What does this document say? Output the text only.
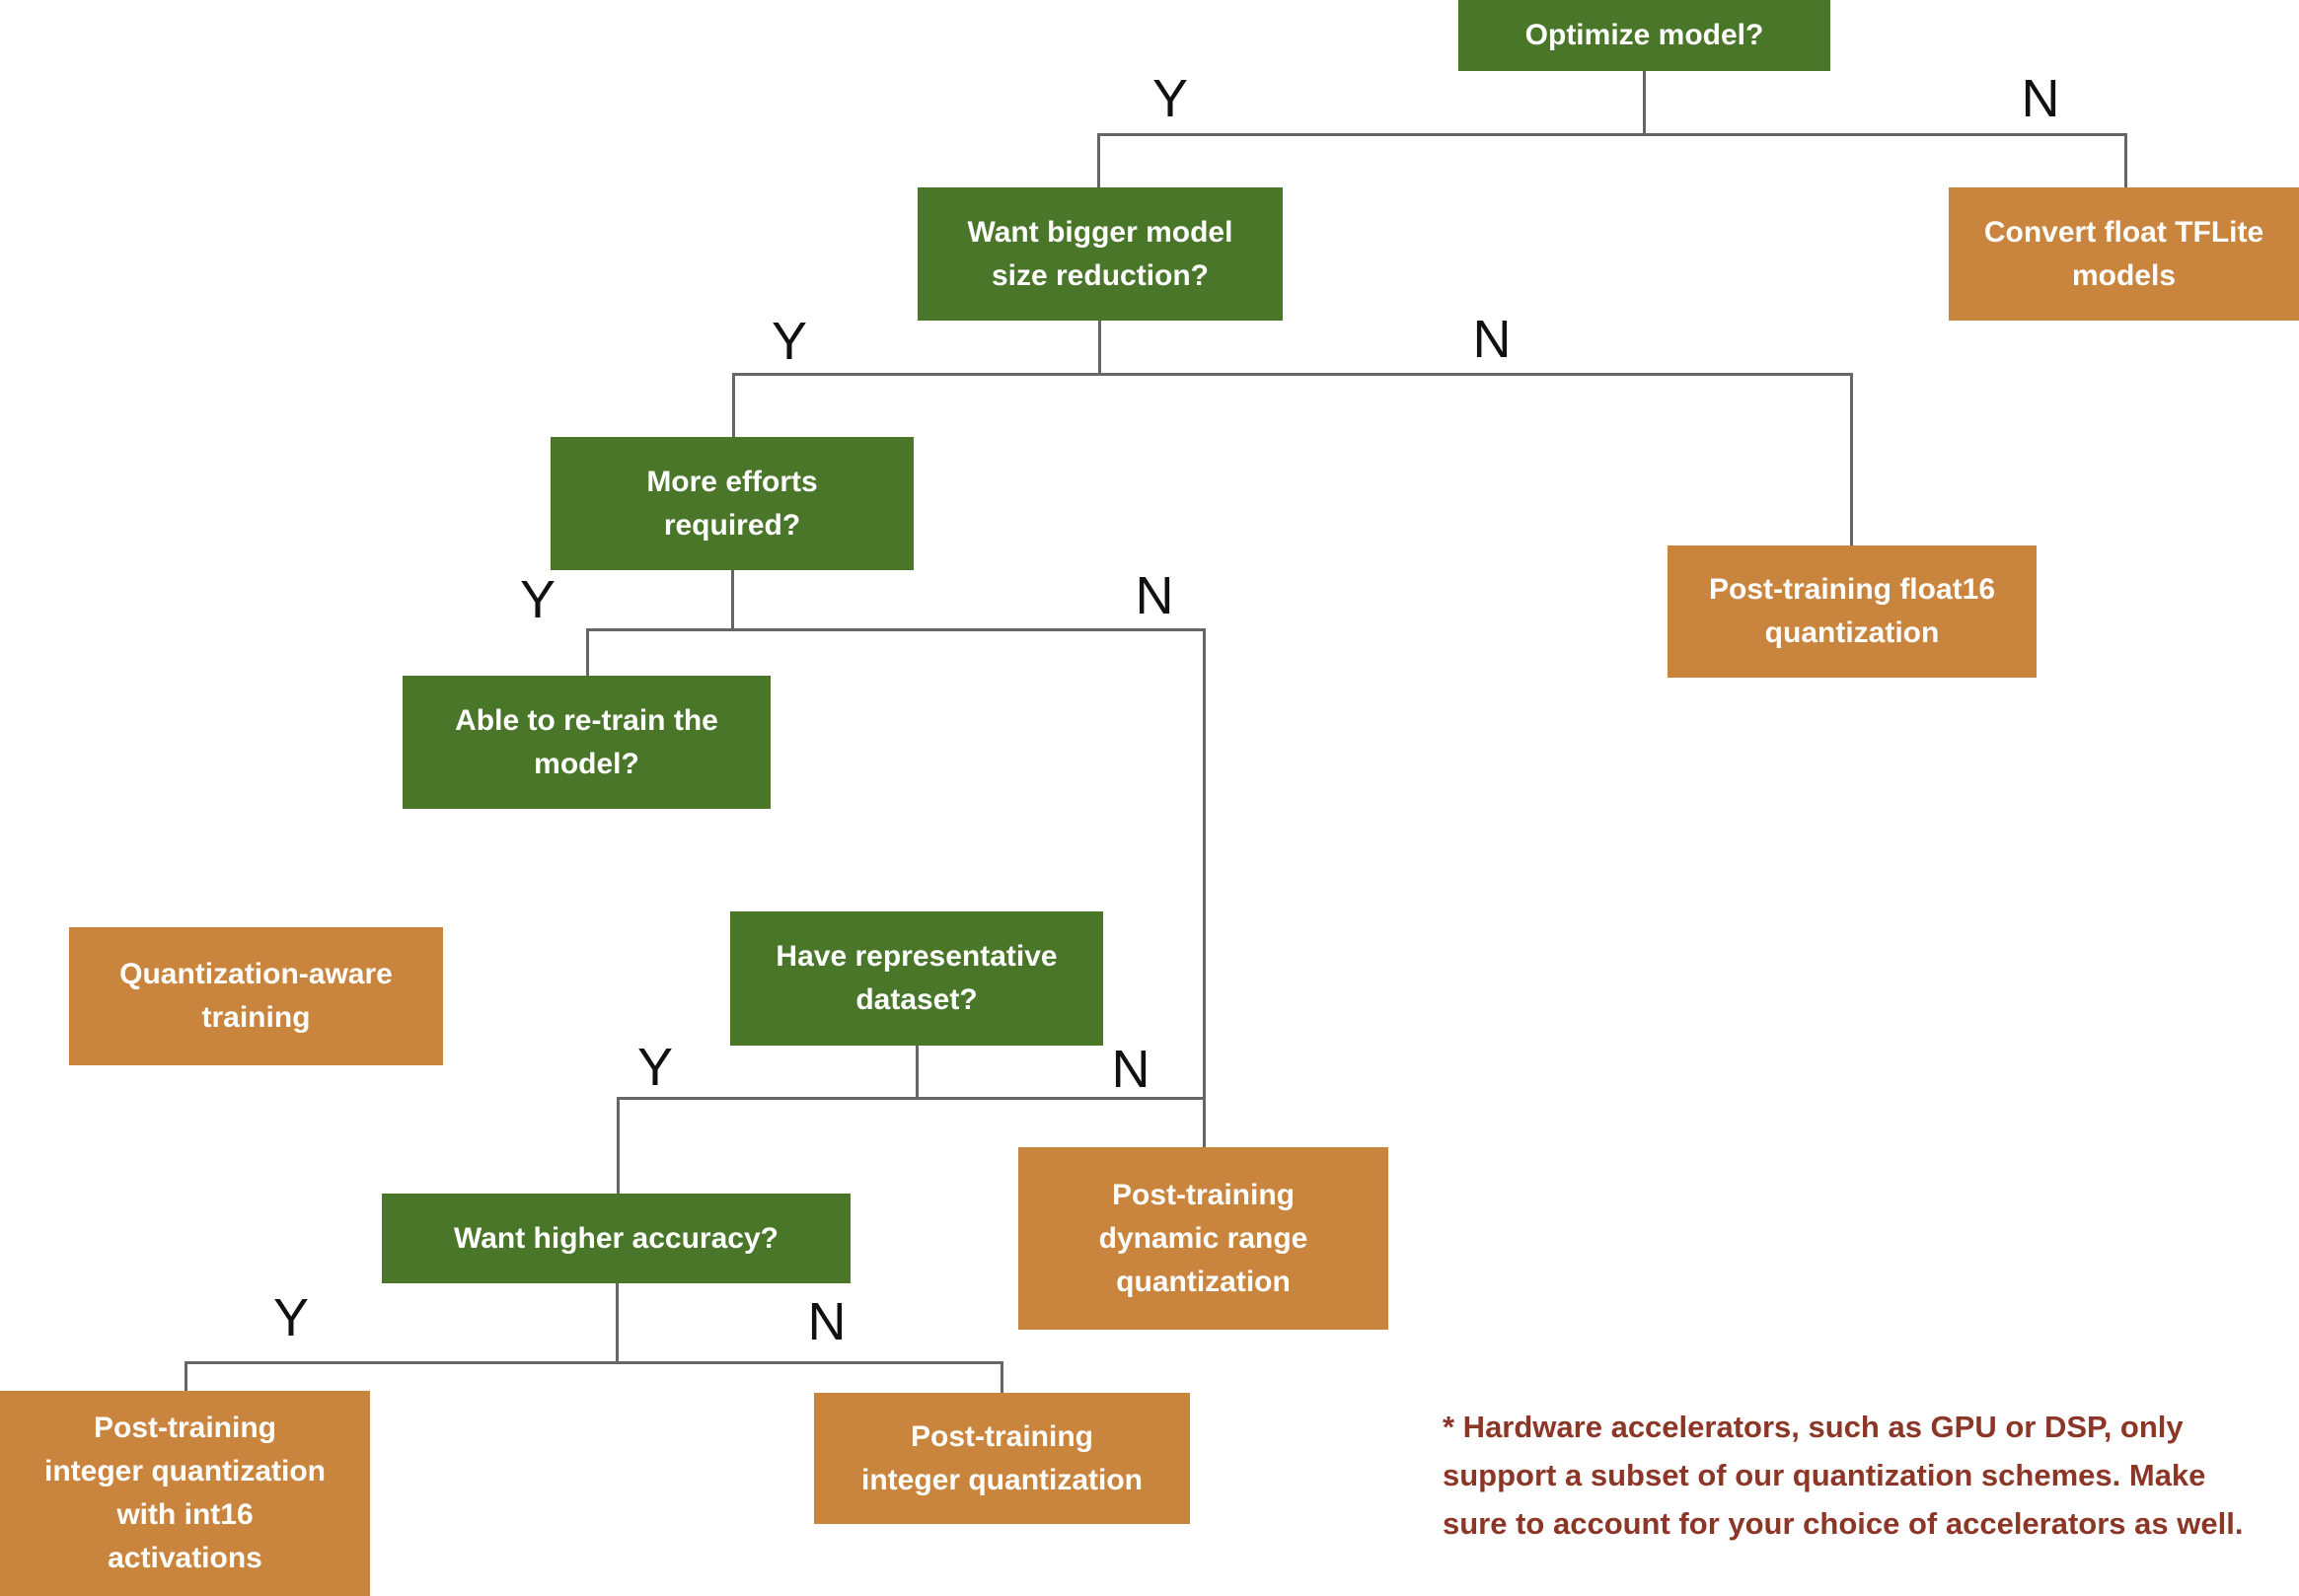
Y	N
Y	N
Y	N
Y	N
Y	N
Optimize model?
Want bigger model
size reduction?
Convert float TFLite
models
More efforts
required?
Post-training float16
quantization
Able to re-train the
model?
Quantization-aware
training
Have representative
dataset?
Post-training
dynamic range
quantization
Want higher accuracy?
Post-training
integer quantization
with int16
activations
Post-training
integer quantization
* Hardware accelerators, such as GPU or DSP, only
support a subset of our quantization schemes. Make
sure to account for your choice of accelerators as well.
